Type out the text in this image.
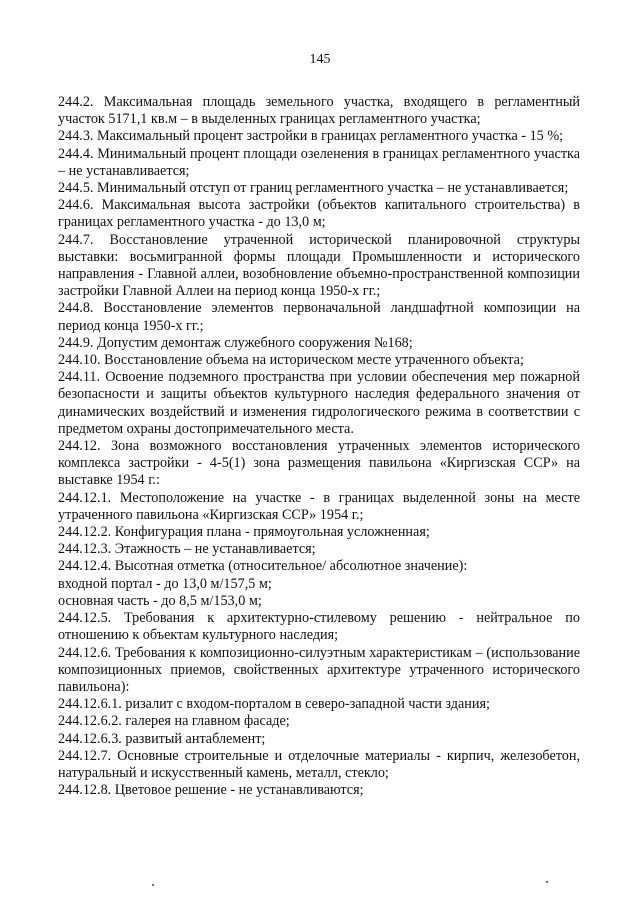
145

244.2. Максимальная площадь земельного участка, входящего в регламентный участок 5171,1 кв.м – в выделенных границах регламентного участка;

244.3. Максимальный процент застройки в границах регламентного участка - 15 %;

244.4. Минимальный процент площади озеленения в границах регламентного участка – не устанавливается;

244.5. Минимальный отступ от границ регламентного участка – не устанавливается;

244.6. Максимальная высота застройки (объектов капитального строительства) в границах регламентного участка - до 13,0 м;

244.7. Восстановление утраченной исторической планировочной структуры выставки: восьмигранной формы площади Промышленности и исторического направления - Главной аллеи, возобновление объемно-пространственной композиции застройки Главной Аллеи на период конца 1950-х гг.;

244.8. Восстановление элементов первоначальной ландшафтной композиции на период конца 1950-х гг.;

244.9. Допустим демонтаж служебного сооружения №168;

244.10. Восстановление объема на историческом месте утраченного объекта;

244.11. Освоение подземного пространства при условии обеспечения мер пожарной безопасности и защиты объектов культурного наследия федерального значения от динамических воздействий и изменения гидрологического режима в соответствии с предметом охраны достопримечательного места.

244.12. Зона возможного восстановления утраченных элементов исторического комплекса застройки - 4-5(1) зона размещения павильона «Киргизская ССР» на выставке 1954 г.:

244.12.1. Местоположение на участке - в границах выделенной зоны на месте утраченного павильона «Киргизская ССР» 1954 г.;

244.12.2. Конфигурация плана - прямоугольная усложненная;

244.12.3. Этажность – не устанавливается;

244.12.4. Высотная отметка (относительное/ абсолютное значение):

входной портал - до 13,0 м/157,5 м;

основная часть - до 8,5 м/153,0 м;

244.12.5. Требования к архитектурно-стилевому решению - нейтральное по отношению к объектам культурного наследия;

244.12.6. Требования к композиционно-силуэтным характеристикам – (использование композиционных приемов, свойственных архитектуре утраченного исторического павильона):

244.12.6.1. ризалит с входом-порталом в северо-западной части здания;

244.12.6.2. галерея на главном фасаде;

244.12.6.3. развитый антаблемент;

244.12.7. Основные строительные и отделочные материалы - кирпич, железобетон, натуральный и искусственный камень, металл, стекло;

244.12.8. Цветовое решение - не устанавливаются;
